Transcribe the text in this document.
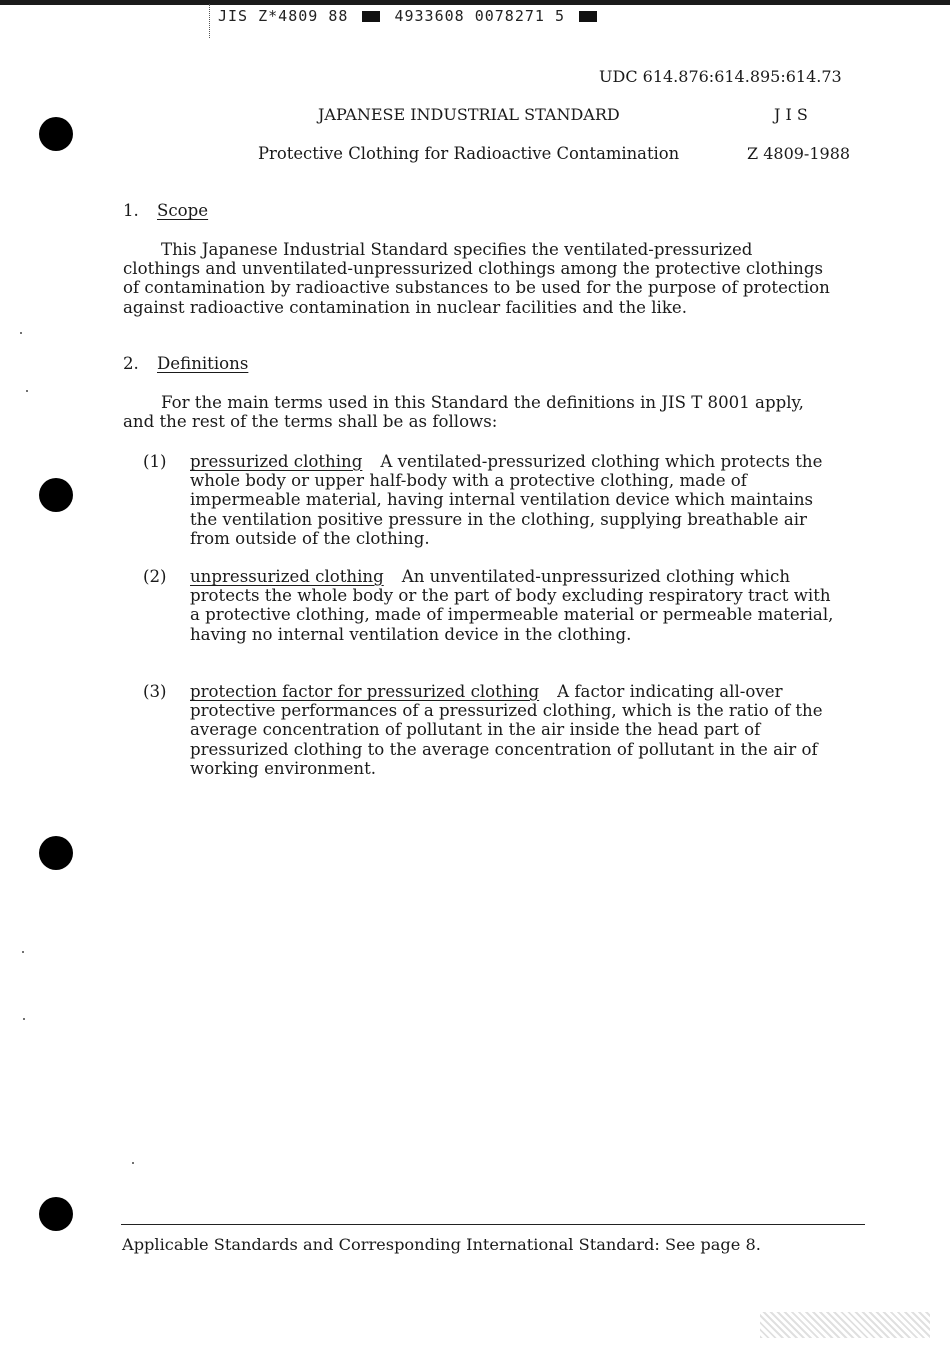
JIS Z*4809 88	4933608 0078271 5
UDC 614.876:614.895:614.73
JAPANESE INDUSTRIAL STANDARD	J I S
Protective Clothing for Radioactive Contamination	Z 4809-1988
1. Scope
This Japanese Industrial Standard specifies the ventilated-pressurized clothings and unventilated-unpressurized clothings among the protective clothings of contamination by radioactive substances to be used for the purpose of protection against radioactive contamination in nuclear facilities and the like.
2. Definitions
For the main terms used in this Standard the definitions in JIS T 8001 apply, and the rest of the terms shall be as follows:
(1) pressurized clothing A ventilated-pressurized clothing which protects the whole body or upper half-body with a protective clothing, made of impermeable material, having internal ventilation device which maintains the ventilation positive pressure in the clothing, supplying breathable air from outside of the clothing.
(2) unpressurized clothing An unventilated-unpressurized clothing which protects the whole body or the part of body excluding respiratory tract with a protective clothing, made of impermeable material or permeable material, having no internal ventilation device in the clothing.
(3) protection factor for pressurized clothing A factor indicating all-over protective performances of a pressurized clothing, which is the ratio of the average concentration of pollutant in the air inside the head part of pressurized clothing to the average concentration of pollutant in the air of working environment.
Applicable Standards and Corresponding International Standard: See page 8.
